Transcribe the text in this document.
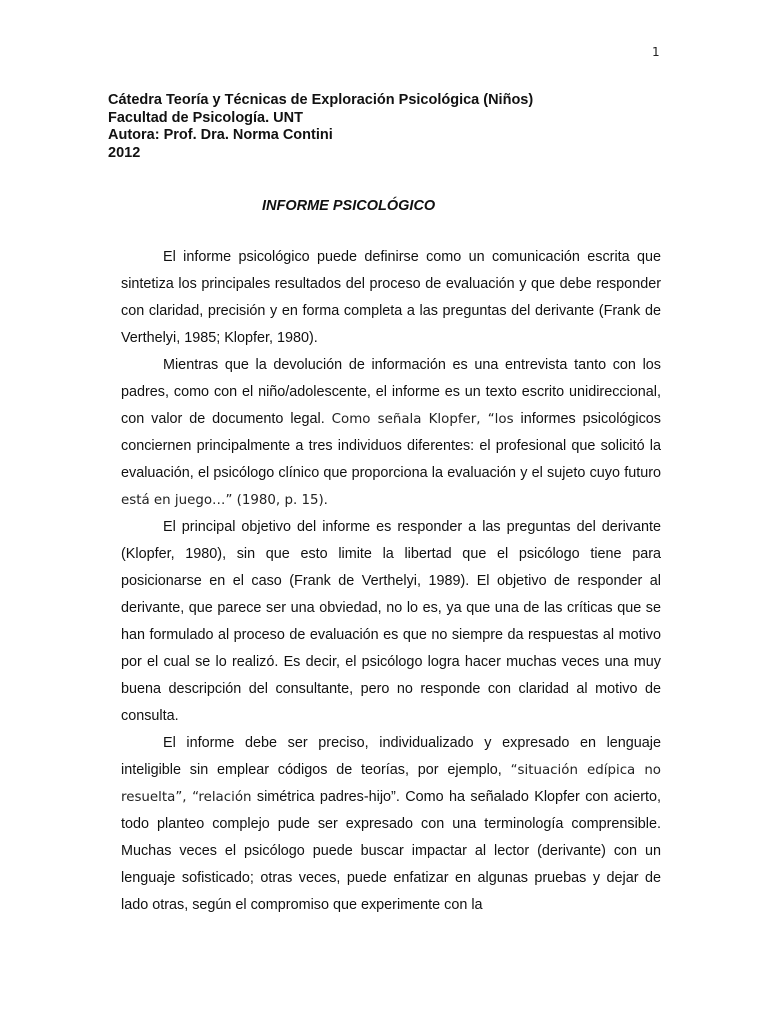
1
Cátedra Teoría y Técnicas de Exploración Psicológica (Niños)
Facultad de Psicología. UNT
Autora: Prof. Dra. Norma Contini
2012
INFORME PSICOLÓGICO

El informe psicológico puede definirse como un comunicación escrita que sintetiza los principales resultados del proceso de evaluación y que debe responder con claridad, precisión y en forma completa a las preguntas del derivante (Frank de Verthelyi, 1985; Klopfer, 1980).

Mientras que la devolución de información es una entrevista tanto con los padres, como con el niño/adolescente, el informe es un texto escrito unidireccional, con valor de documento legal. Como señala Klopfer, “los informes psicológicos conciernen principalmente a tres individuos diferentes: el profesional que solicitó la evaluación, el psicólogo clínico que proporciona la evaluación y el sujeto cuyo futuro está en juego…” (1980, p. 15).

El principal objetivo del informe es responder a las preguntas del derivante (Klopfer, 1980), sin que esto limite la libertad que el psicólogo tiene para posicionarse en el caso (Frank de Verthelyi, 1989). El objetivo de responder al derivante, que parece ser una obviedad, no lo es, ya que una de las críticas que se han formulado al proceso de evaluación es que no siempre da respuestas al motivo por el cual se lo realizó. Es decir, el psicólogo logra hacer muchas veces una muy buena descripción del consultante, pero no responde con claridad al motivo de consulta.

El informe debe ser preciso, individualizado y expresado en lenguaje inteligible sin emplear códigos de teorías, por ejemplo, “situación edípica no resuelta”, “relación simétrica padres-hijo”. Como ha señalado Klopfer con acierto, todo planteo complejo pude ser expresado con una terminología comprensible. Muchas veces el psicólogo puede buscar impactar al lector (derivante) con un lenguaje sofisticado; otras veces, puede enfatizar en algunas pruebas y dejar de lado otras, según el compromiso que experimente con la
